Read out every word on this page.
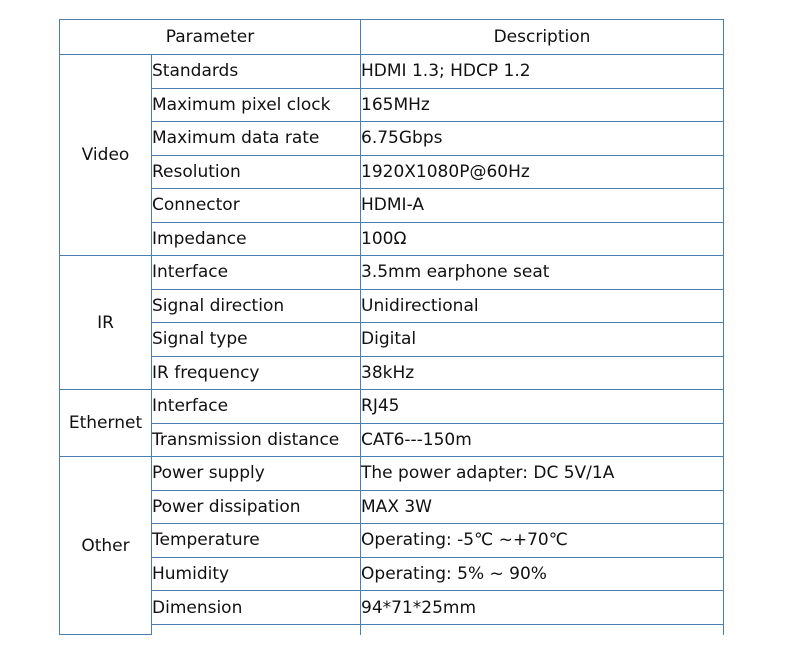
Parameter		Description
Video	Standards	HDMI 1.3; HDCP 1.2
	Maximum pixel clock	165MHz
	Maximum data rate	6.75Gbps
	Resolution	1920X1080P@60Hz
	Connector	HDMI-A
	Impedance	100Ω
IR	Interface	3.5mm earphone seat
	Signal direction	Unidirectional
	Signal type	Digital
	IR frequency	38kHz
Ethernet	Interface	RJ45
	Transmission distance	CAT6---150m
Other	Power supply	The power adapter: DC 5V/1A
	Power dissipation	MAX 3W
	Temperature	Operating: -5℃ ~+70℃
	Humidity	Operating: 5% ~ 90%
	Dimension	94*71*25mm
